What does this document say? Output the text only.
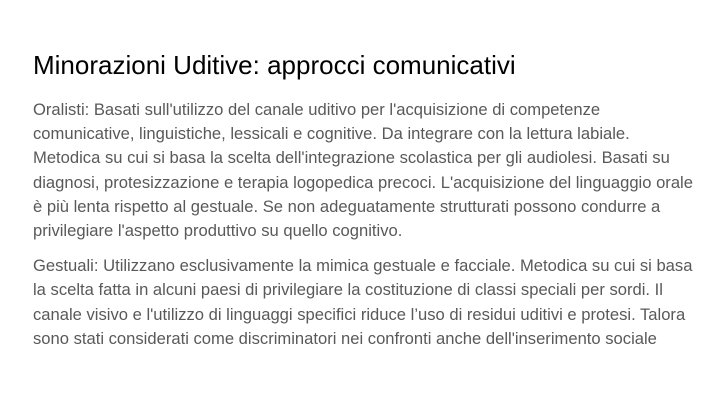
Minorazioni Uditive: approcci comunicativi

Oralisti: Basati sull'utilizzo del canale uditivo per l'acquisizione di competenze comunicative, linguistiche, lessicali e cognitive. Da integrare con la lettura labiale. Metodica su cui si basa la scelta dell'integrazione scolastica per gli audiolesi. Basati su diagnosi, protesizzazione e terapia logopedica precoci. L'acquisizione del linguaggio orale è più lenta rispetto al gestuale. Se non adeguatamente strutturati possono condurre a privilegiare l'aspetto produttivo su quello cognitivo.

Gestuali: Utilizzano esclusivamente la mimica gestuale e facciale. Metodica su cui si basa la scelta fatta in alcuni paesi di privilegiare la costituzione di classi speciali per sordi. Il canale visivo e l'utilizzo di linguaggi specifici riduce l’uso di residui uditivi e protesi. Talora sono stati considerati come discriminatori nei confronti anche dell'inserimento sociale
